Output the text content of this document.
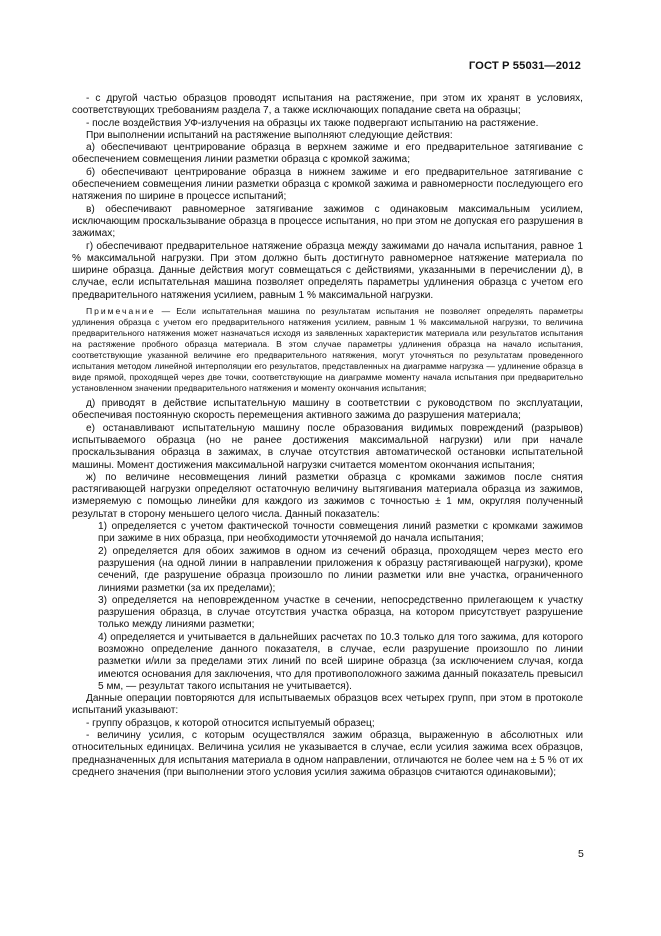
ГОСТ Р 55031—2012

- с другой частью образцов проводят испытания на растяжение, при этом их хранят в условиях, соответствующих требованиям раздела 7, а также исключающих попадание света на образцы;

- после воздействия УФ-излучения на образцы их также подвергают испытанию на растяжение.

При выполнении испытаний на растяжение выполняют следующие действия:

а) обеспечивают центрирование образца в верхнем зажиме и его предварительное затягивание с обеспечением совмещения линии разметки образца с кромкой зажима;

б) обеспечивают центрирование образца в нижнем зажиме и его предварительное затягивание с обеспечением совмещения линии разметки образца с кромкой зажима и равномерности последующего его натяжения по ширине в процессе испытаний;

в) обеспечивают равномерное затягивание зажимов с одинаковым максимальным усилием, исключающим проскальзывание образца в процессе испытания, но при этом не допуская его разрушения в зажимах;

г) обеспечивают предварительное натяжение образца между зажимами до начала испытания, равное 1 % максимальной нагрузки. При этом должно быть достигнуто равномерное натяжение материала по ширине образца. Данные действия могут совмещаться с действиями, указанными в перечислении д), в случае, если испытательная машина позволяет определять параметры удлинения образца с учетом его предварительного натяжения усилием, равным 1 % максимальной нагрузки.

Примечание — Если испытательная машина по результатам испытания не позволяет определять параметры удлинения образца с учетом его предварительного натяжения усилием, равным 1 % максимальной нагрузки, то величина предварительного натяжения может назначаться исходя из заявленных характеристик материала или результатов испытания на растяжение пробного образца материала. В этом случае параметры удлинения образца на начало испытания, соответствующие указанной величине его предварительного натяжения, могут уточняться по результатам проведенного испытания методом линейной интерполяции его результатов, представленных на диаграмме нагрузка — удлинение образца в виде прямой, проходящей через две точки, соответствующие на диаграмме моменту начала испытания при предварительно установленном значении предварительного натяжения и моменту окончания испытания;

д) приводят в действие испытательную машину в соответствии с руководством по эксплуатации, обеспечивая постоянную скорость перемещения активного зажима до разрушения материала;

е) останавливают испытательную машину после образования видимых повреждений (разрывов) испытываемого образца (но не ранее достижения максимальной нагрузки) или при начале проскальзывания образца в зажимах, в случае отсутствия автоматической остановки испытательной машины. Момент достижения максимальной нагрузки считается моментом окончания испытания;

ж) по величине несовмещения линий разметки образца с кромками зажимов после снятия растягивающей нагрузки определяют остаточную величину вытягивания материала образца из зажимов, измеряемую с помощью линейки для каждого из зажимов с точностью ± 1 мм, округляя полученный результат в сторону меньшего целого числа. Данный показатель:

1) определяется с учетом фактической точности совмещения линий разметки с кромками зажимов при зажиме в них образца, при необходимости уточняемой до начала испытания;

2) определяется для обоих зажимов в одном из сечений образца, проходящем через место его разрушения (на одной линии в направлении приложения к образцу растягивающей нагрузки), кроме сечений, где разрушение образца произошло по линии разметки или вне участка, ограниченного линиями разметки (за их пределами);

3) определяется на неповрежденном участке в сечении, непосредственно прилегающем к участку разрушения образца, в случае отсутствия участка образца, на котором присутствует разрушение только между линиями разметки;

4) определяется и учитывается в дальнейших расчетах по 10.3 только для того зажима, для которого возможно определение данного показателя, в случае, если разрушение произошло по линии разметки и/или за пределами этих линий по всей ширине образца (за исключением случая, когда имеются основания для заключения, что для противоположного зажима данный показатель превысил 5 мм, — результат такого испытания не учитывается).

Данные операции повторяются для испытываемых образцов всех четырех групп, при этом в протоколе испытаний указывают:

- группу образцов, к которой относится испытуемый образец;

- величину усилия, с которым осуществлялся зажим образца, выраженную в абсолютных или относительных единицах. Величина усилия не указывается в случае, если усилия зажима всех образцов, предназначенных для испытания материала в одном направлении, отличаются не более чем на ± 5 % от их среднего значения (при выполнении этого условия усилия зажима образцов считаются одинаковыми);

5
